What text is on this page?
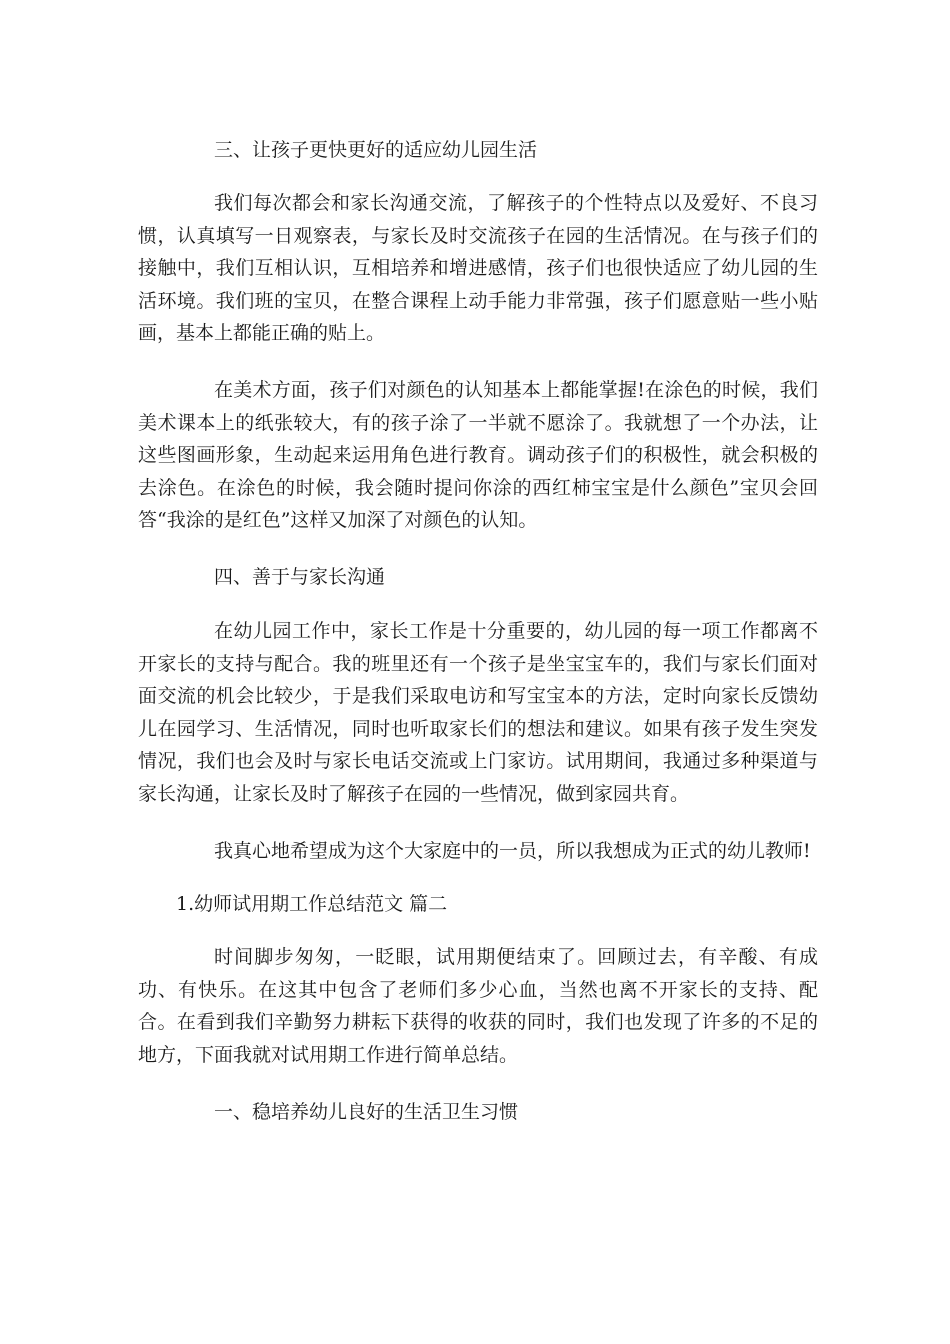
三、让孩子更快更好的适应幼儿园生活

我们每次都会和家长沟通交流，了解孩子的个性特点以及爱好、不良习惯，认真填写一日观察表，与家长及时交流孩子在园的生活情况。在与孩子们的接触中，我们互相认识，互相培养和增进感情，孩子们也很快适应了幼儿园的生活环境。我们班的宝贝，在整合课程上动手能力非常强，孩子们愿意贴一些小贴画，基本上都能正确的贴上。

在美术方面，孩子们对颜色的认知基本上都能掌握!在涂色的时候，我们美术课本上的纸张较大，有的孩子涂了一半就不愿涂了。我就想了一个办法，让这些图画形象，生动起来运用角色进行教育。调动孩子们的积极性，就会积极的去涂色。在涂色的时候，我会随时提问你涂的西红柿宝宝是什么颜色”宝贝会回答“我涂的是红色”这样又加深了对颜色的认知。

四、善于与家长沟通

在幼儿园工作中，家长工作是十分重要的，幼儿园的每一项工作都离不开家长的支持与配合。我的班里还有一个孩子是坐宝宝车的，我们与家长们面对面交流的机会比较少，于是我们采取电访和写宝宝本的方法，定时向家长反馈幼儿在园学习、生活情况，同时也听取家长们的想法和建议。如果有孩子发生突发情况，我们也会及时与家长电话交流或上门家访。试用期间，我通过多种渠道与家长沟通，让家长及时了解孩子在园的一些情况，做到家园共育。

我真心地希望成为这个大家庭中的一员，所以我想成为正式的幼儿教师!

1.幼师试用期工作总结范文 篇二

时间脚步匆匆，一眨眼，试用期便结束了。回顾过去，有辛酸、有成功、有快乐。在这其中包含了老师们多少心血，当然也离不开家长的支持、配合。在看到我们辛勤努力耕耘下获得的收获的同时，我们也发现了许多的不足的地方，下面我就对试用期工作进行简单总结。

一、稳培养幼儿良好的生活卫生习惯
